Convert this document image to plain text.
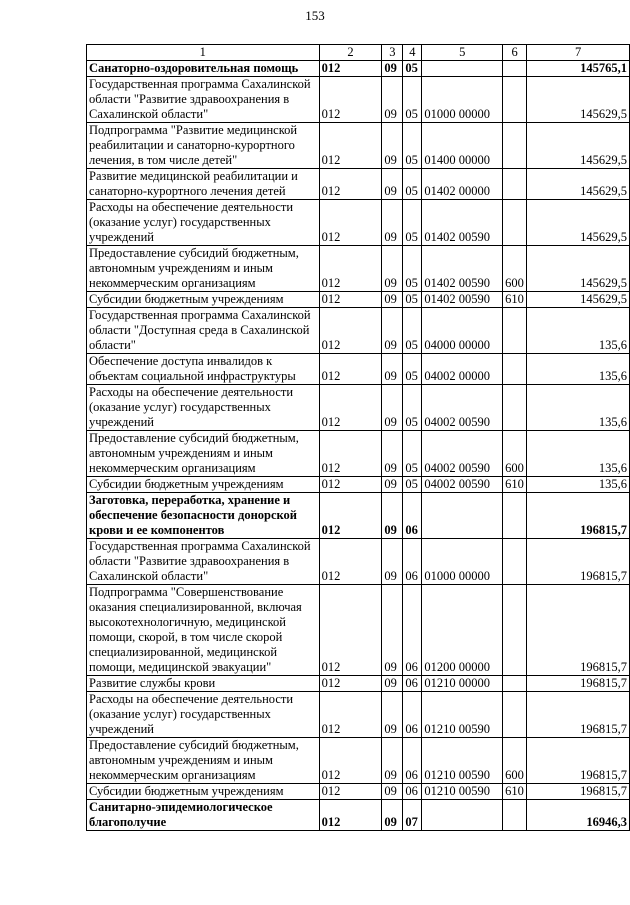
153
1	2	3	4	5	6	7
Санаторно-оздоровительная помощь	012	09	05			145765,1
Государственная программа Сахалинской области "Развитие здравоохранения в Сахалинской области"	012	09	05	01000 00000		145629,5
Подпрограмма "Развитие медицинской реабилитации и санаторно-курортного лечения, в том числе детей"	012	09	05	01400 00000		145629,5
Развитие медицинской реабилитации и санаторно-курортного лечения детей	012	09	05	01402 00000		145629,5
Расходы на обеспечение деятельности (оказание услуг) государственных учреждений	012	09	05	01402 00590		145629,5
Предоставление субсидий бюджетным, автономным учреждениям и иным некоммерческим организациям	012	09	05	01402 00590	600	145629,5
Субсидии бюджетным учреждениям	012	09	05	01402 00590	610	145629,5
Государственная программа Сахалинской области "Доступная среда в Сахалинской области"	012	09	05	04000 00000		135,6
Обеспечение доступа инвалидов к объектам социальной инфраструктуры	012	09	05	04002 00000		135,6
Расходы на обеспечение деятельности (оказание услуг) государственных учреждений	012	09	05	04002 00590		135,6
Предоставление субсидий бюджетным, автономным учреждениям и иным некоммерческим организациям	012	09	05	04002 00590	600	135,6
Субсидии бюджетным учреждениям	012	09	05	04002 00590	610	135,6
Заготовка, переработка, хранение и обеспечение безопасности донорской крови и ее компонентов	012	09	06			196815,7
Государственная программа Сахалинской области "Развитие здравоохранения в Сахалинской области"	012	09	06	01000 00000		196815,7
Подпрограмма "Совершенствование оказания специализированной, включая высокотехнологичную, медицинской помощи, скорой, в том числе скорой специализированной, медицинской помощи, медицинской эвакуации"	012	09	06	01200 00000		196815,7
Развитие службы крови	012	09	06	01210 00000		196815,7
Расходы на обеспечение деятельности (оказание услуг) государственных учреждений	012	09	06	01210 00590		196815,7
Предоставление субсидий бюджетным, автономным учреждениям и иным некоммерческим организациям	012	09	06	01210 00590	600	196815,7
Субсидии бюджетным учреждениям	012	09	06	01210 00590	610	196815,7
Санитарно-эпидемиологическое благополучие	012	09	07			16946,3
